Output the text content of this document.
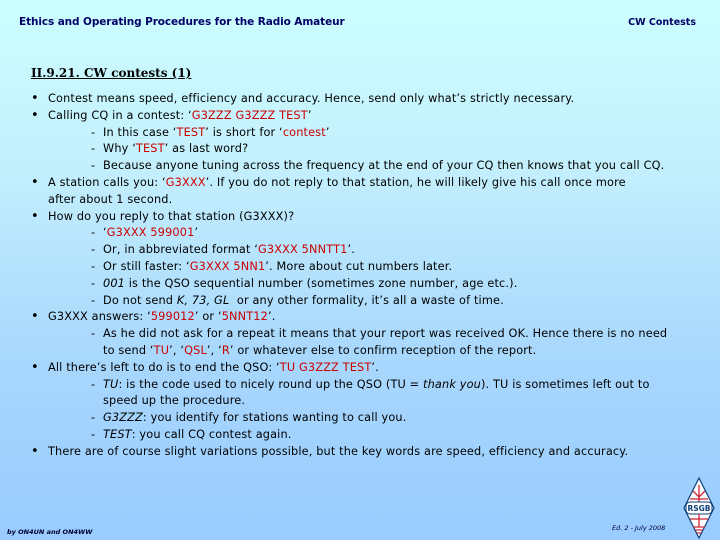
Ethics and Operating Procedures for the Radio Amateur	CW Contests
II.9.21. CW contests (1)
• Contest means speed, efficiency and accuracy. Hence, send only what’s strictly necessary.
• Calling CQ in a contest: ‘G3ZZZ G3ZZZ TEST’
- In this case ‘TEST’ is short for ‘contest’
- Why ‘TEST’ as last word?
- Because anyone tuning across the frequency at the end of your CQ then knows that you call CQ.
• A station calls you: ‘G3XXX’. If you do not reply to that station, he will likely give his call once more
after about 1 second.
• How do you reply to that station (G3XXX)?
- ‘G3XXX 599001’
- Or, in abbreviated format ‘G3XXX 5NNTT1’.
- Or still faster: ‘G3XXX 5NN1’. More about cut numbers later.
- 001 is the QSO sequential number (sometimes zone number, age etc.).
- Do not send K, 73, GL  or any other formality, it’s all a waste of time.
• G3XXX answers: ‘599012’ or ‘5NNT12’.
- As he did not ask for a repeat it means that your report was received OK. Hence there is no need
to send ‘TU’, ‘QSL’, ‘R’ or whatever else to confirm reception of the report.
• All there’s left to do is to end the QSO: ‘TU G3ZZZ TEST’.
- TU: is the code used to nicely round up the QSO (TU = thank you). TU is sometimes left out to
speed up the procedure.
- G3ZZZ: you identify for stations wanting to call you.
- TEST: you call CQ contest again.
• There are of course slight variations possible, but the key words are speed, efficiency and accuracy.
by ON4UN and ON4WW	Ed. 2 - July 2008
RSGB
